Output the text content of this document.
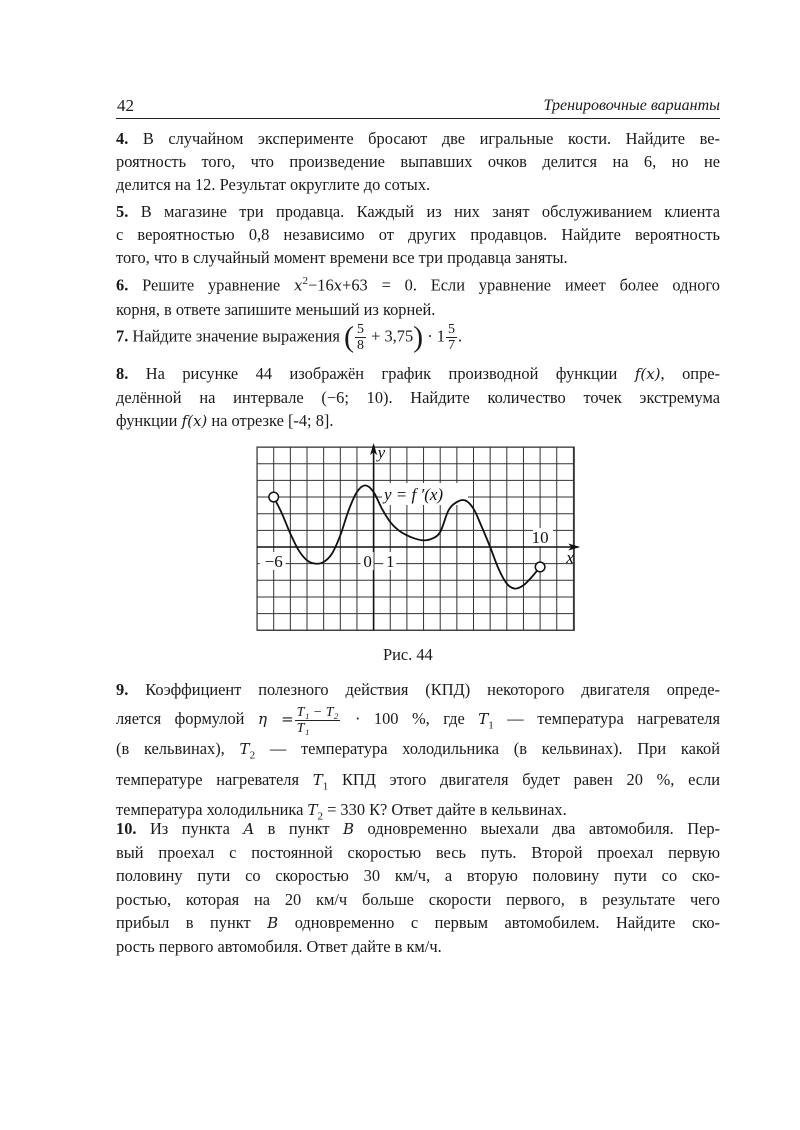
42	Тренировочные варианты
4. В случайном эксперименте бросают две игральные кости. Найдите ве-
роятность того, что произведение выпавших очков делится на 6, но не
делится на 12. Результат округлите до сотых.
5. В магазине три продавца. Каждый из них занят обслуживанием клиента
с вероятностью 0,8 независимо от других продавцов. Найдите вероятность
того, что в случайный момент времени все три продавца заняты.
6. Решите уравнение $x^2-16x+63 = 0$. Если уравнение имеет более одного
корня, в ответе запишите меньший из корней.
7. Найдите значение выражения ( $\frac{5}{8} + 3,75) \cdot 1 \frac{5}{7}$ .
8. На рисунке 44 изображён график производной функции f(x), опре-
делённой на интервале (−6; 10). Найдите количество точек экстремума
функции f(x) на отрезке [-4; 8].
9. Коэффициент полезного действия (КПД) некоторого двигателя опреде-
ляется формулой $\eta = \frac{\text{T₁ − T₂}}{\text{T₁}} \cdot 100$ %, где $T_1$ — температура нагревателя
(в кельвинах), $T_2$ — температура холодильника (в кельвинах). При какой
температуре нагревателя $T_1$ КПД этого двигателя будет равен 20 %, если
температура холодильника $T_2 = 330$ К? Ответ дайте в кельвинах.
10. Из пункта A в пункт B одновременно выехали два автомобиля. Пер-
вый проехал с постоянной скоростью весь путь. Второй проехал первую
половину пути со скоростью 30 км/ч, а вторую половину пути со ско-
ростью, которая на 20 км/ч больше скорости первого, в результате чего
прибыл в пункт B одновременно с первым автомобилем. Найдите ско-
рость первого автомобиля. Ответ дайте в км/ч.
x
y
y = f ′(x)
−6	0 1
10
Рис. 44
